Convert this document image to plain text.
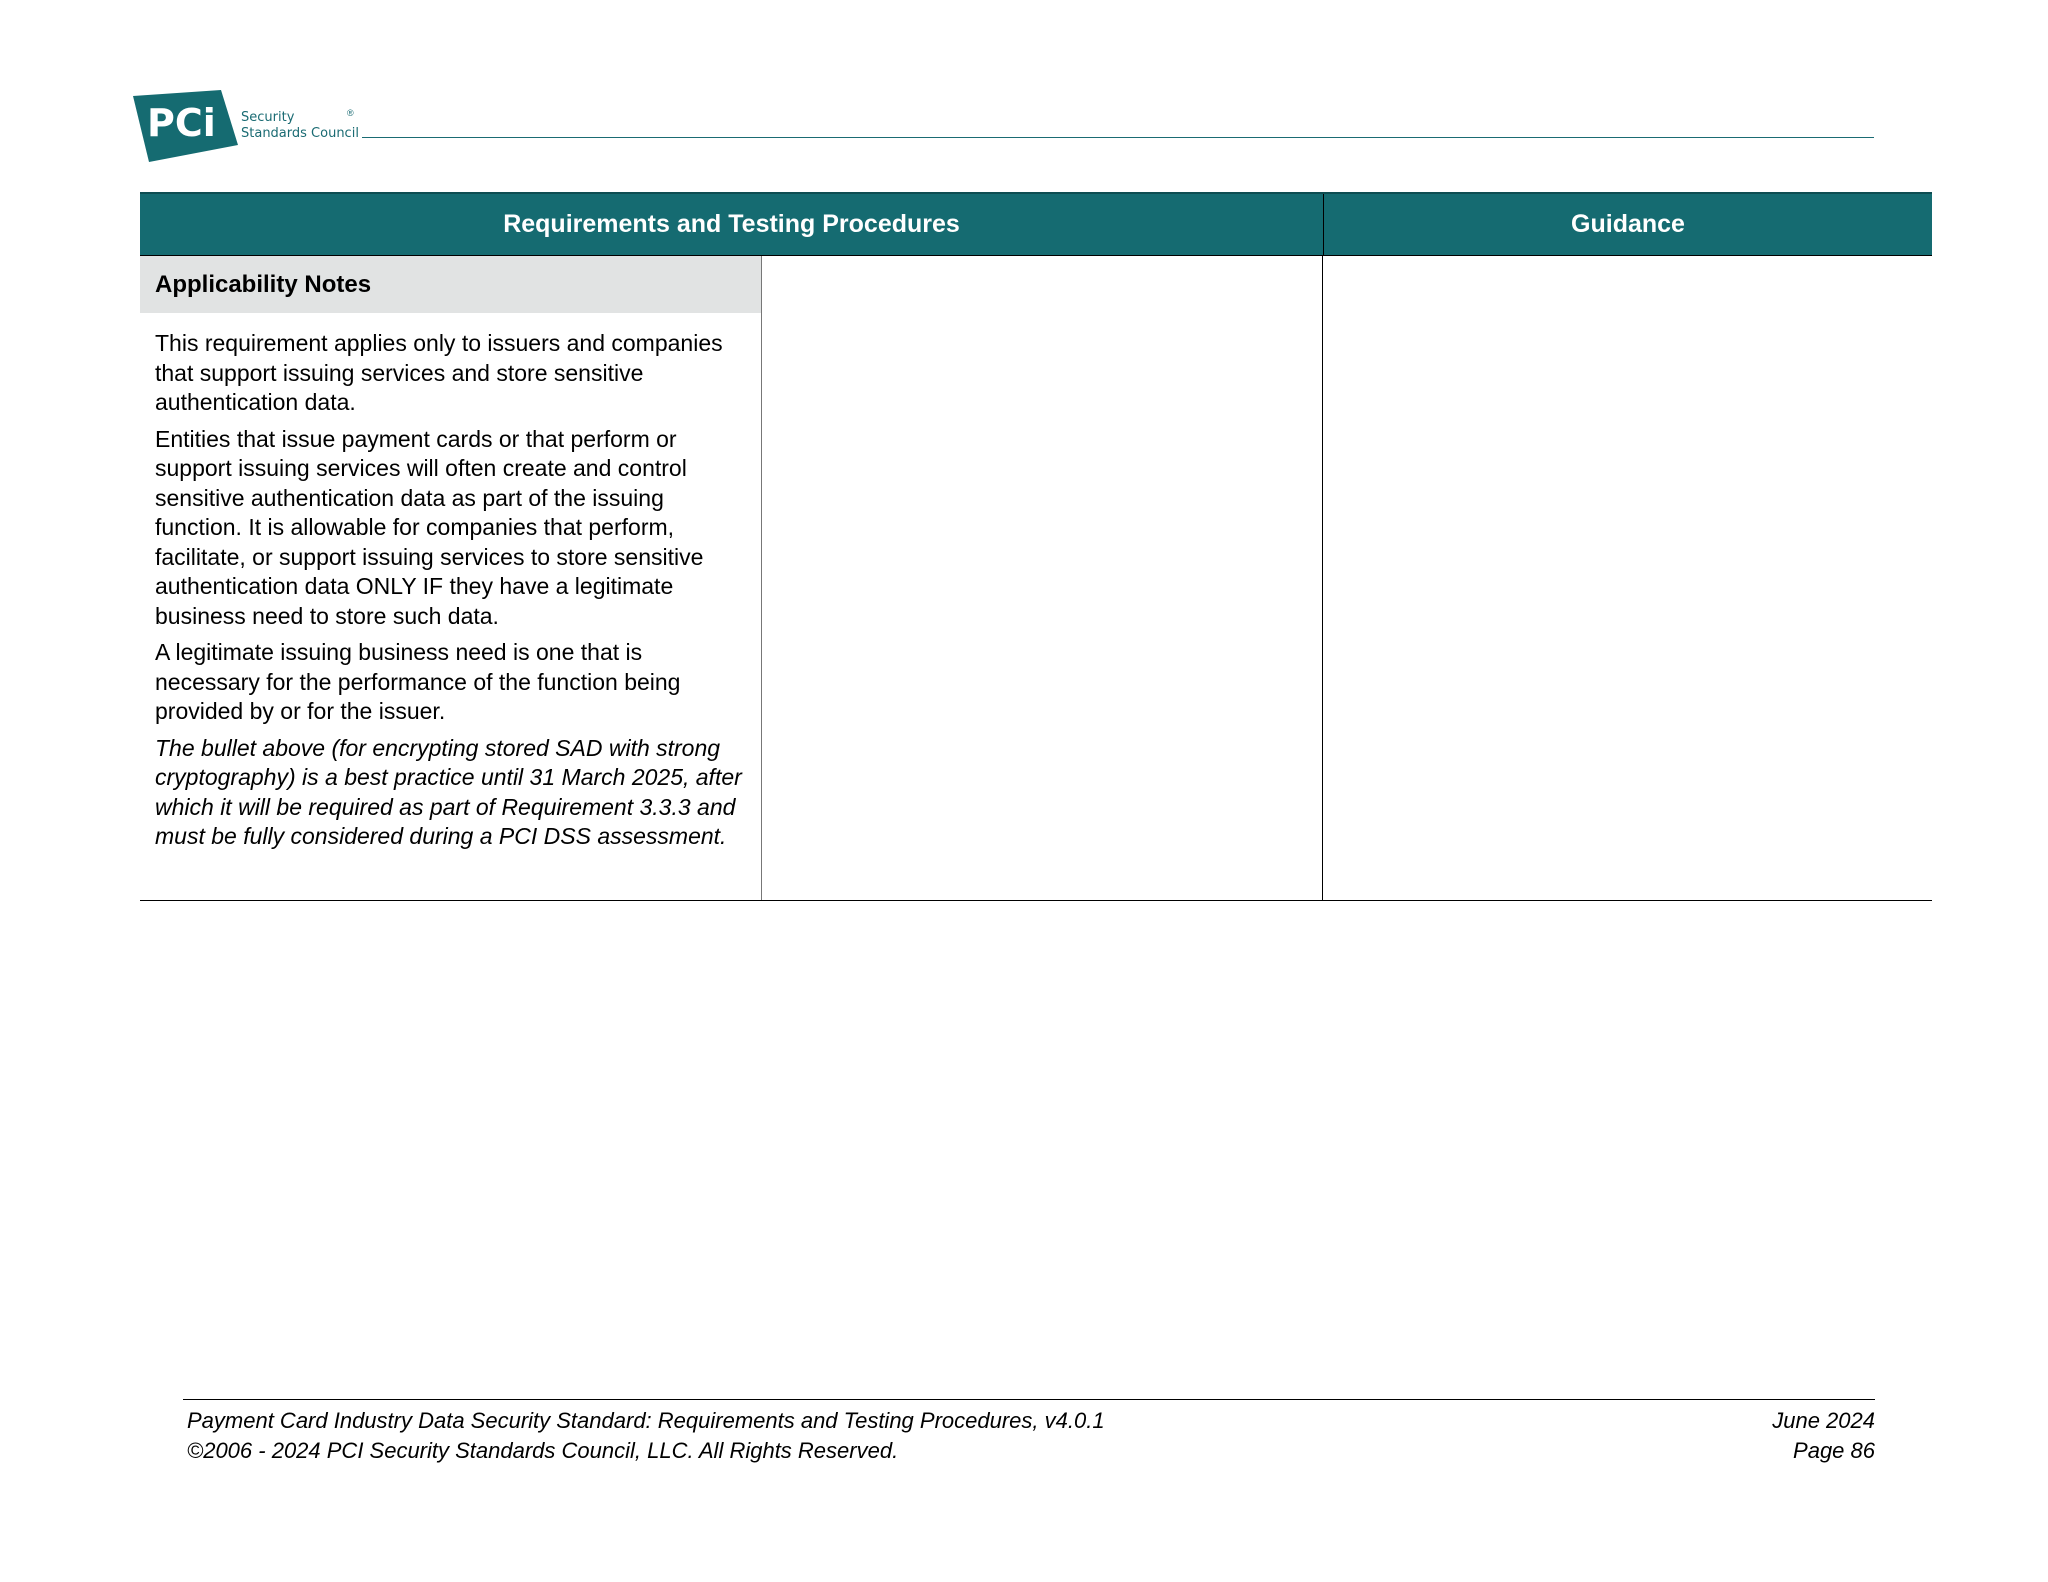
PCi Security
Standards Council
®
Requirements and Testing Procedures	Guidance
Applicability Notes

This requirement applies only to issuers and companies that support issuing services and store sensitive authentication data.

Entities that issue payment cards or that perform or support issuing services will often create and control sensitive authentication data as part of the issuing function. It is allowable for companies that perform, facilitate, or support issuing services to store sensitive authentication data ONLY IF they have a legitimate business need to store such data.

A legitimate issuing business need is one that is necessary for the performance of the function being provided by or for the issuer.

The bullet above (for encrypting stored SAD with strong cryptography) is a best practice until 31 March 2025, after which it will be required as part of Requirement 3.3.3 and must be fully considered during a PCI DSS assessment.

Payment Card Industry Data Security Standard: Requirements and Testing Procedures, v4.0.1
©2006 - 2024 PCI Security Standards Council, LLC. All Rights Reserved.
June 2024
Page 86
